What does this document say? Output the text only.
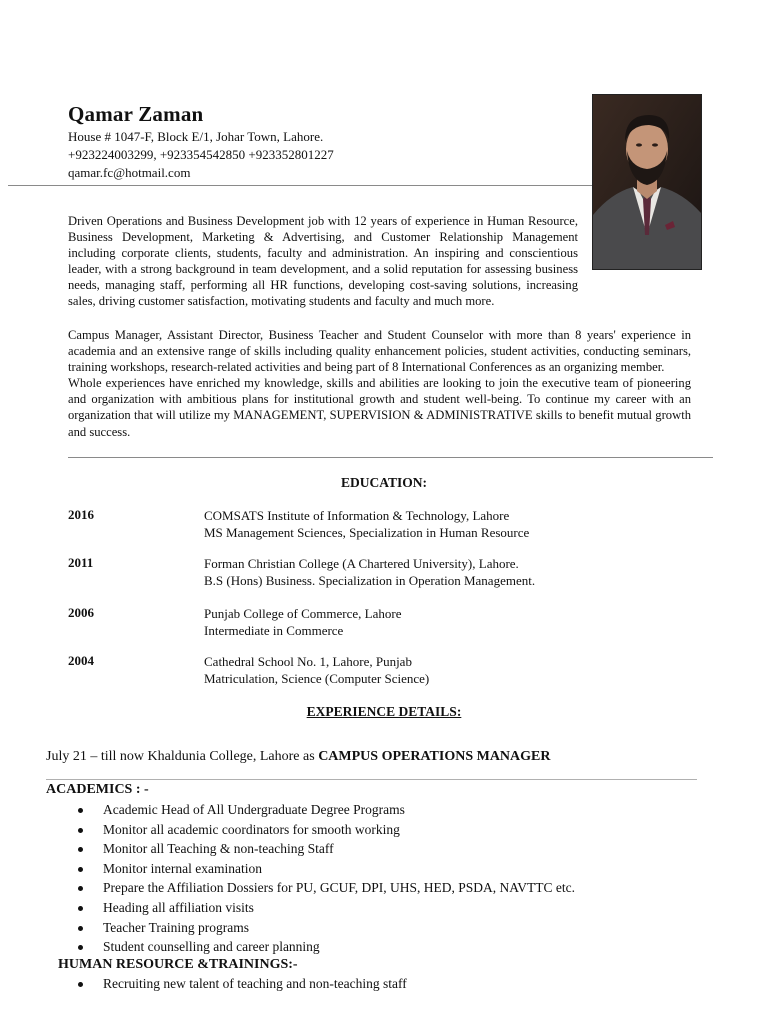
Qamar Zaman
House # 1047-F, Block E/1, Johar Town, Lahore.
+923224003299, +923354542850 +923352801227
qamar.fc@hotmail.com

Driven Operations and Business Development job with 12 years of experience in Human Resource, Business Development, Marketing & Advertising, and Customer Relationship Management including corporate clients, students, faculty and administration. An inspiring and conscientious leader, with a strong background in team development, and a solid reputation for assessing business needs, managing staff, performing all HR functions, developing cost-saving solutions, increasing sales, driving customer satisfaction, motivating students and faculty and much more.

Campus Manager, Assistant Director, Business Teacher and Student Counselor with more than 8 years' experience in academia and an extensive range of skills including quality enhancement policies, student activities, conducting seminars, training workshops, research-related activities and being part of 8 International Conferences as an organizing member.

Whole experiences have enriched my knowledge, skills and abilities are looking to join the executive team of pioneering and organization with ambitious plans for institutional growth and student well-being. To continue my career with an organization that will utilize my MANAGEMENT, SUPERVISION & ADMINISTRATIVE skills to benefit mutual growth and success.

EDUCATION:
2016	COMSATS Institute of Information & Technology, Lahore
MS Management Sciences, Specialization in Human Resource
2011	Forman Christian College (A Chartered University), Lahore.
B.S (Hons) Business. Specialization in Operation Management.
2006	Punjab College of Commerce, Lahore
Intermediate in Commerce
2004	Cathedral School No. 1, Lahore, Punjab
Matriculation, Science (Computer Science)
EXPERIENCE DETAILS:
July 21 – till now Khaldunia College, Lahore as CAMPUS OPERATIONS MANAGER
ACADEMICS : -
Academic Head of All Undergraduate Degree Programs
Monitor all academic coordinators for smooth working
Monitor all Teaching & non-teaching Staff
Monitor internal examination
Prepare the Affiliation Dossiers for PU, GCUF, DPI, UHS, HED, PSDA, NAVTTC etc.
Heading all affiliation visits
Teacher Training programs
Student counselling and career planning
HUMAN RESOURCE &TRAININGS:-
Recruiting new talent of teaching and non-teaching staff
